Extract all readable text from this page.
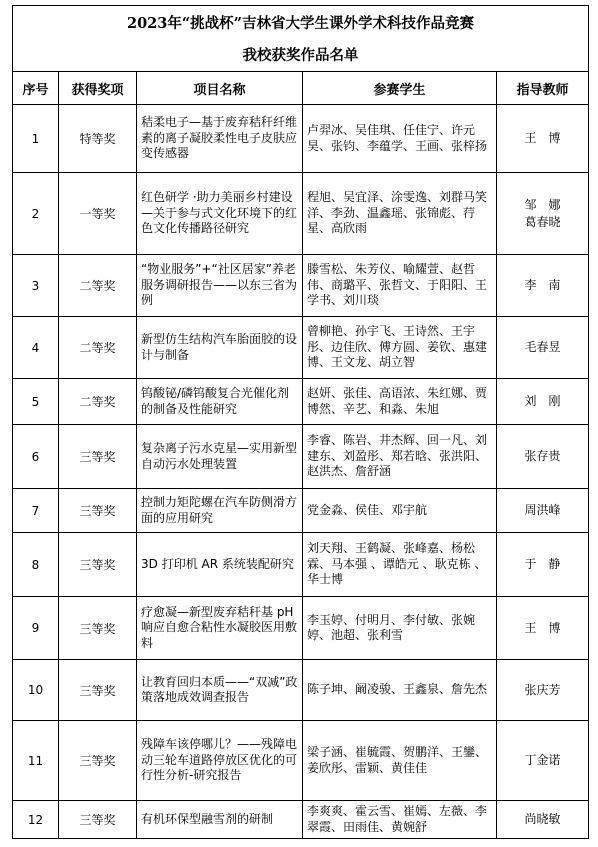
2023年“挑战杯”吉林省大学生课外学术科技作品竞赛				
我校获奖作品名单				
序号	获得奖项	项目名称	参赛学生	指导教师
1	特等奖	秸柔电子—基于废弃秸秆纤维素的离子凝胶柔性电子皮肤应变传感器	卢羿冰、吴佳琪、任佳宁、许元昊、张钧、李蕴学、王画、张梓扬	王　博

2	一等奖	红色研学 ·助力美丽乡村建设—关于参与式文化环境下的红色文化传播路径研究	程旭、吴宜泽、涂雯逸、刘群马笑洋、李劲、温鑫瑶、张锦彪、荇星、高欣雨	邹　娜
葛春晓

3	二等奖	“物业服务”+“社区居家”养老服务调研报告——以东三省为例	滕雪松、朱芳仪、喻耀萱、赵哲伟、商璐平、张哲文、于阳阳、王学书、刘川琰	李　南

4	二等奖	新型仿生结构汽车胎面胶的设计与制备	曾柳艳、孙宇飞、王诗然、王宇彤、边佳欣、傅方圆、姜钦、惠建博、王文龙、胡立智	毛春昱

5	二等奖	钨酸铋/磷钨酸复合光催化剂的制备及性能研究	赵妍、张佳、高语浓、朱红娜、贾博然、辛艺、和淼、朱旭	刘　刚

6	三等奖	复杂离子污水克星—实用新型自动污水处理装置	李睿、陈岩、井杰辉、回一凡、刘建东、刘盈彤、郑若晗、张洪阳、赵洪杰、詹舒涵	张存贵

7	三等奖	控制力矩陀螺在汽车防侧滑方面的应用研究	党金淼、侯佳、邓宇航	周洪峰

8	三等奖	3D 打印机 AR 系统装配研究	刘天翔、王鹤凝、张峰嘉、杨松霖、马本强 、谭皓元 、耿克栋 、华士博	于　静

9	三等奖	疗愈凝—新型废弃秸秆基 pH 响应自愈合粘性水凝胶医用敷料	李玉婷、付明月、李付敏、张婉婷、池超、张利雪	王　博

10	三等奖	让教育回归本质——“双减”政策落地成效调查报告	陈子坤、阚凌骏、王鑫泉、詹先杰	张庆芳

11	三等奖	残障车该停哪儿？——残障电动三轮车道路停放区优化的可行性分析-研究报告	梁子涵、崔毓霞、贺鹏洋、王鑾、姜欣彤、雷颖、黄佳佳	丁金诺

12	三等奖	有机环保型融雪剂的研制	李爽爽、霍云雪、崔嫣、左薇、李翠霞、田雨佳、黄婉舒	尚晓敏
